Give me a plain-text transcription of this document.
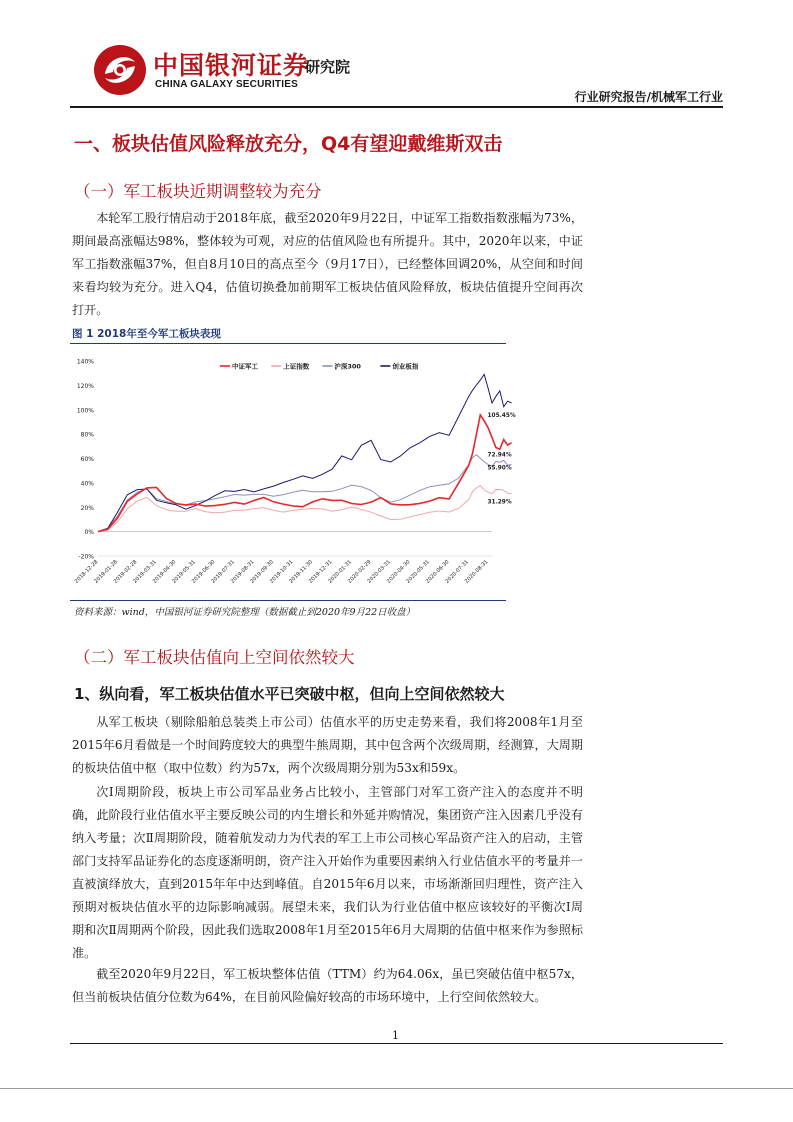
中国银河证券
CHINA GALAXY SECURITIES
研究院
行业研究报告/机械军工行业
一、板块估值风险释放充分，Q4有望迎戴维斯双击
（一）军工板块近期调整较为充分
本轮军工股行情启动于2018年底，截至2020年9月22日，中证军工指数指数涨幅为73%，期间最高涨幅达98%，整体较为可观，对应的估值风险也有所提升。其中，2020年以来，中证军工指数涨幅37%，但自8月10日的高点至今（9月17日），已经整体回调20%，从空间和时间来看均较为充分。进入Q4，估值切换叠加前期军工板块估值风险释放，板块估值提升空间再次打开。
图 1 2018年至今军工板块表现
140%
120%
100%
80%
60%
40%
20%
0%
-20%
2018-12-28
2019-01-28
2019-02-28
2019-03-31
2019-04-30
2019-05-31
2019-06-30
2019-07-31
2019-08-31
2019-09-30
2019-10-31
2019-11-30
2019-12-31
2020-01-31
2020-02-29
2020-03-31
2020-04-30
2020-05-31
2020-06-30
2020-07-31
2020-08-31
中证军工	上证指数	沪深300	创业板指
105.45%
72.94%
55.90%
31.29%
资料来源：wind，中国银河证券研究院整理（数据截止到2020年9月22日收盘）
（二）军工板块估值向上空间依然较大
1、纵向看，军工板块估值水平已突破中枢，但向上空间依然较大
从军工板块（剔除船舶总装类上市公司）估值水平的历史走势来看，我们将2008年1月至2015年6月看做是一个时间跨度较大的典型牛熊周期，其中包含两个次级周期，经测算，大周期的板块估值中枢（取中位数）约为57x，两个次级周期分别为53x和59x。
次Ⅰ周期阶段，板块上市公司军品业务占比较小，主管部门对军工资产注入的态度并不明确，此阶段行业估值水平主要反映公司的内生增长和外延并购情况，集团资产注入因素几乎没有纳入考量；次Ⅱ周期阶段，随着航发动力为代表的军工上市公司核心军品资产注入的启动，主管部门支持军品证券化的态度逐渐明朗，资产注入开始作为重要因素纳入行业估值水平的考量并一直被演绎放大，直到2015年年中达到峰值。自2015年6月以来，市场渐渐回归理性，资产注入预期对板块估值水平的边际影响减弱。展望未来，我们认为行业估值中枢应该较好的平衡次Ⅰ周期和次Ⅱ周期两个阶段，因此我们选取2008年1月至2015年6月大周期的估值中枢来作为参照标准。
截至2020年9月22日，军工板块整体估值（TTM）约为64.06x，虽已突破估值中枢57x，但当前板块估值分位数为64%，在目前风险偏好较高的市场环境中，上行空间依然较大。
1
